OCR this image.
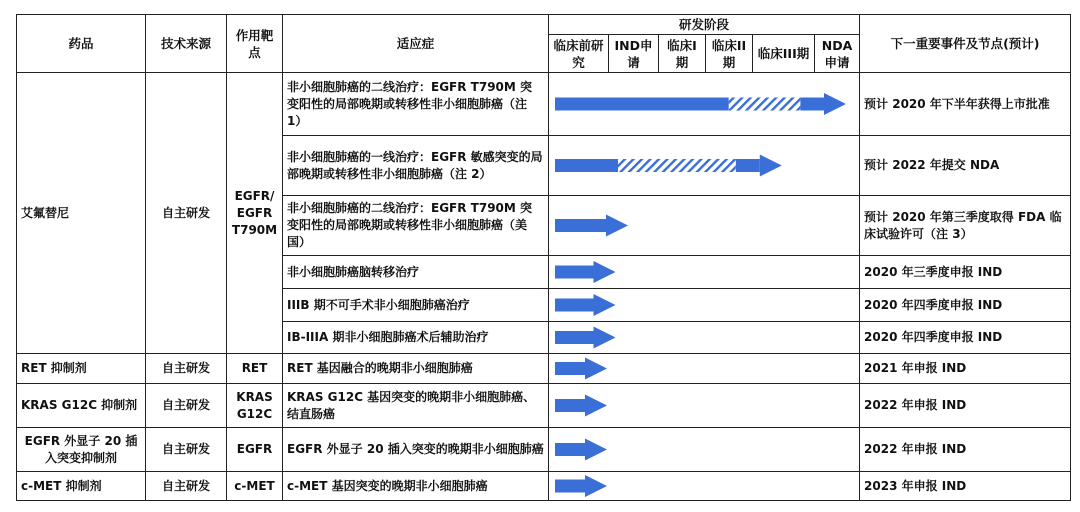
药品	技术来源	作用靶点	适应症	研发阶段						下一重要事件及节点(预计)
				临床前研究	IND申请	临床I期	临床II期	临床III期	NDA申请	
艾氟替尼	自主研发	EGFR/ EGFR T790M	非小细胞肺癌的二线治疗：EGFR T790M 突变阳性的局部晚期或转移性非小细胞肺癌（注 1）							预计 2020 年下半年获得上市批准
			非小细胞肺癌的一线治疗：EGFR 敏感突变的局部晚期或转移性非小细胞肺癌（注 2）							预计 2022 年提交 NDA
			非小细胞肺癌的二线治疗：EGFR T790M 突变阳性的局部晚期或转移性非小细胞肺癌（美国）							预计 2020 年第三季度取得 FDA 临床试验许可（注 3）
			非小细胞肺癌脑转移治疗							2020 年三季度申报 IND
			IIIB 期不可手术非小细胞肺癌治疗							2020 年四季度申报 IND
			IB-IIIA 期非小细胞肺癌术后辅助治疗							2020 年四季度申报 IND
RET 抑制剂	自主研发	RET	RET 基因融合的晚期非小细胞肺癌							2021 年申报 IND
KRAS G12C 抑制剂	自主研发	KRAS G12C	KRAS G12C 基因突变的晚期非小细胞肺癌、结直肠癌							2022 年申报 IND
EGFR 外显子 20 插入突变抑制剂	自主研发	EGFR	EGFR 外显子 20 插入突变的晚期非小细胞肺癌							2022 年申报 IND
c-MET 抑制剂	自主研发	c-MET	c-MET 基因突变的晚期非小细胞肺癌							2023 年申报 IND
